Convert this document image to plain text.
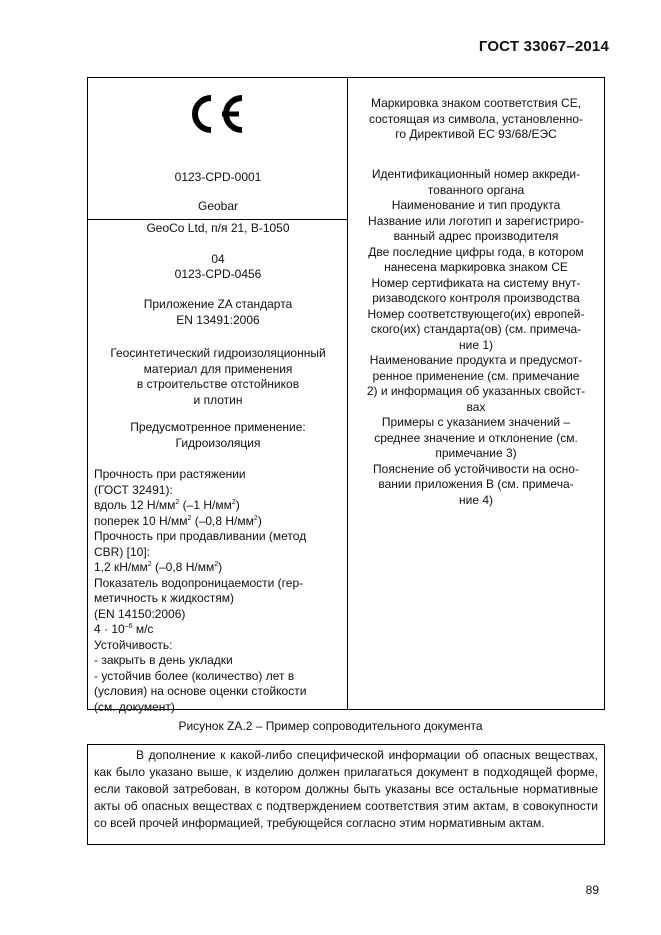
ГОСТ 33067–2014
0123-CPD-0001
Geobar
GeoCo Ltd, п/я 21, B-1050
04
0123-CPD-0456
Приложение ZA стандарта
EN 13491:2006
Геосинтетический гидроизоляционный
материал для применения
в строительстве отстойников
и плотин
Предусмотренное применение:
Гидроизоляция
Прочность при растяжении
(ГОСТ 32491):
вдоль 12 $Н/мм^2$ (–1 $Н/мм^2$)
поперек 10 $Н/мм^2$ (–0,8 $Н/мм^2$)
Прочность при продавливании (метод
CBR) [10]:
1,2 $кН/мм^2$ (–0,8 $Н/мм^2$)
Показатель водопроницаемости (гер-
метичность к жидкостям)
(EN 14150:2006)
$4 \cdot 10^{-6}$ м/с
Устойчивость:
- закрыть в день укладки
- устойчив более (количество) лет в
(условия) на основе оценки стойкости
(см. документ)
Маркировка знаком соответствия СЕ,
состоящая из символа, установленно-
го Директивой ЕС 93/68/ЕЭС
Идентификационный номер аккреди-
тованного органа
Наименование и тип продукта
Название или логотип и зарегистриро-
ванный адрес производителя
Две последние цифры года, в котором
нанесена маркировка знаком СЕ
Номер сертификата на систему внут-
ризаводского контроля производства
Номер соответствующего(их) европей-
ского(их) стандарта(ов) (см. примеча-
ние 1)
Наименование продукта и предусмот-
ренное применение (см. примечание
2) и информация об указанных свойст-
вах
Примеры с указанием значений –
среднее значение и отклонение (см.
примечание 3)
Пояснение об устойчивости на осно-
вании приложения В (см. примеча-
ние 4)
Рисунок ZA.2 – Пример сопроводительного документа

В дополнение к какой-либо специфической информации об опасных веществах, как было указано выше, к изделию должен прилагаться документ в подходящей форме, если таковой затребован, в котором должны быть указаны все остальные нормативные акты об опасных веществах с подтверждением соответствия этим актам, в совокупности со всей прочей информацией, требующейся согласно этим нормативным актам.

89
